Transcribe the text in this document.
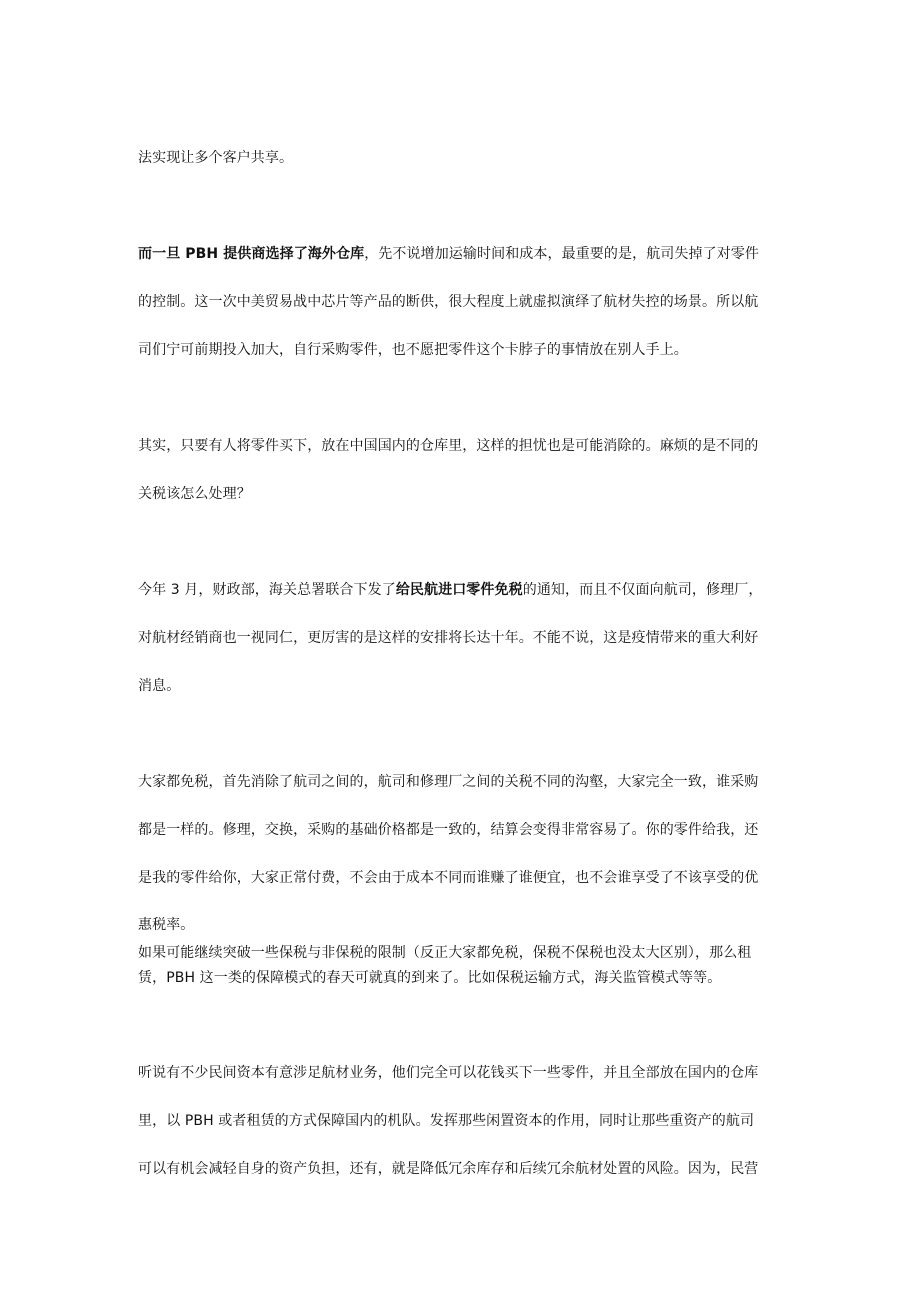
法实现让多个客户共享。
而一旦 PBH 提供商选择了海外仓库，先不说增加运输时间和成本，最重要的是，航司失掉了对零件
的控制。这一次中美贸易战中芯片等产品的断供，很大程度上就虚拟演绎了航材失控的场景。所以航
司们宁可前期投入加大，自行采购零件，也不愿把零件这个卡脖子的事情放在别人手上。
其实，只要有人将零件买下，放在中国国内的仓库里，这样的担忧也是可能消除的。麻烦的是不同的
关税该怎么处理？
今年 3 月，财政部，海关总署联合下发了给民航进口零件免税的通知，而且不仅面向航司，修理厂，
对航材经销商也一视同仁，更厉害的是这样的安排将长达十年。不能不说，这是疫情带来的重大利好
消息。
大家都免税，首先消除了航司之间的，航司和修理厂之间的关税不同的沟壑，大家完全一致，谁采购
都是一样的。修理，交换，采购的基础价格都是一致的，结算会变得非常容易了。你的零件给我，还
是我的零件给你，大家正常付费，不会由于成本不同而谁赚了谁便宜，也不会谁享受了不该享受的优
惠税率。
如果可能继续突破一些保税与非保税的限制（反正大家都免税，保税不保税也没太大区别），那么租
赁，PBH 这一类的保障模式的春天可就真的到来了。比如保税运输方式，海关监管模式等等。
听说有不少民间资本有意涉足航材业务，他们完全可以花钱买下一些零件，并且全部放在国内的仓库
里，以 PBH 或者租赁的方式保障国内的机队。发挥那些闲置资本的作用，同时让那些重资产的航司
可以有机会减轻自身的资产负担，还有，就是降低冗余库存和后续冗余航材处置的风险。因为，民营
